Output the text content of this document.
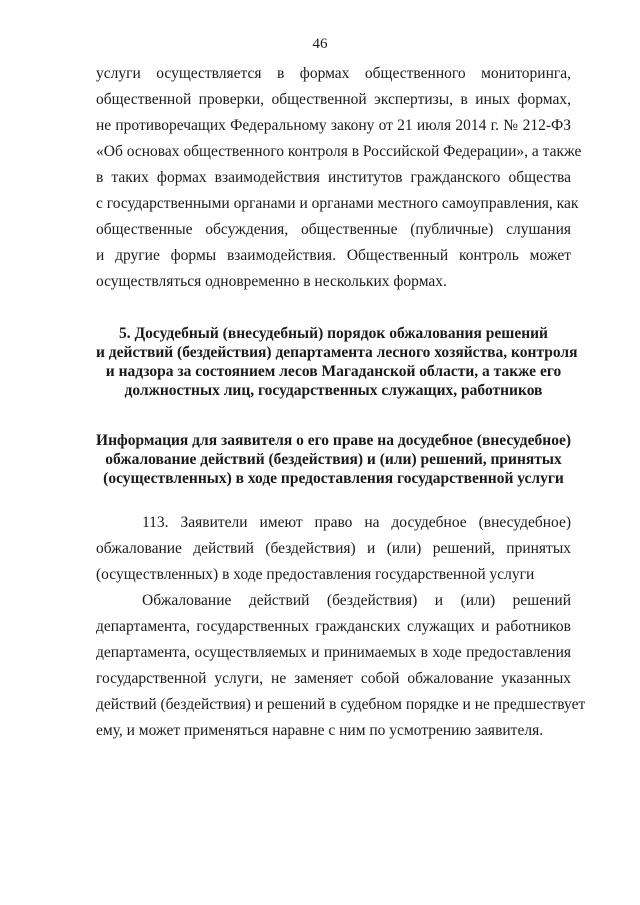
46
услуги осуществляется в формах общественного мониторинга,
общественной проверки, общественной экспертизы, в иных формах,
не противоречащих Федеральному закону от 21 июля 2014 г. № 212-ФЗ
«Об основах общественного контроля в Российской Федерации», а также
в таких формах взаимодействия институтов гражданского общества
с государственными органами и органами местного самоуправления, как
общественные обсуждения, общественные (публичные) слушания
и другие формы взаимодействия. Общественный контроль может
осуществляться одновременно в нескольких формах.
5. Досудебный (внесудебный) порядок обжалования решений
и действий (бездействия) департамента лесного хозяйства, контроля
и надзора за состоянием лесов Магаданской области, а также его
должностных лиц, государственных служащих, работников
Информация для заявителя о его праве на досудебное (внесудебное)
обжалование действий (бездействия) и (или) решений, принятых
(осуществленных) в ходе предоставления государственной услуги
113. Заявители имеют право на досудебное (внесудебное)
обжалование действий (бездействия) и (или) решений, принятых
(осуществленных) в ходе предоставления государственной услуги
Обжалование действий (бездействия) и (или) решений
департамента, государственных гражданских служащих и работников
департамента, осуществляемых и принимаемых в ходе предоставления
государственной услуги, не заменяет собой обжалование указанных
действий (бездействия) и решений в судебном порядке и не предшествует
ему, и может применяться наравне с ним по усмотрению заявителя.
